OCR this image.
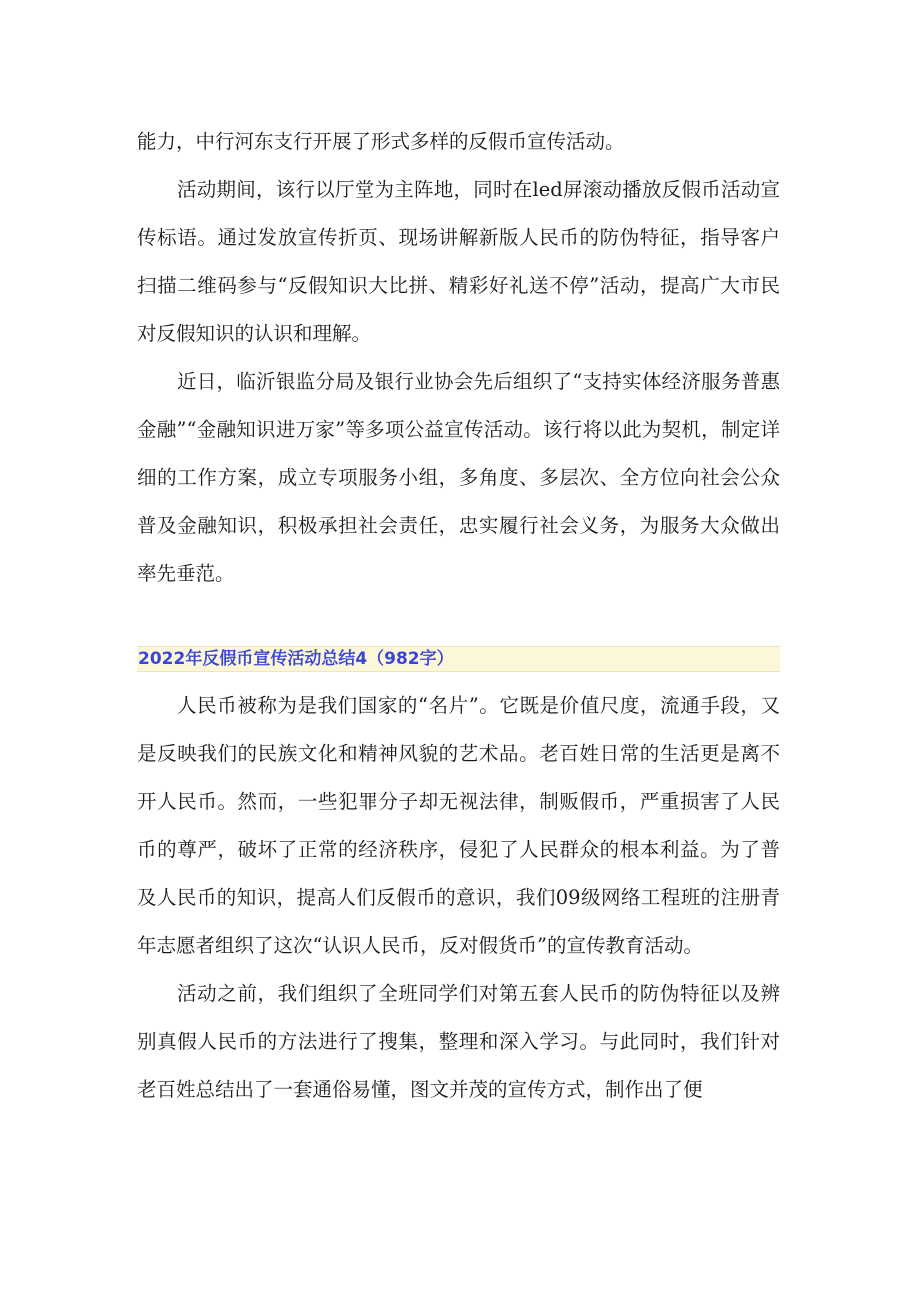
能力，中行河东支行开展了形式多样的反假币宣传活动。

活动期间，该行以厅堂为主阵地，同时在led屏滚动播放反假币活动宣传标语。通过发放宣传折页、现场讲解新版人民币的防伪特征，指导客户扫描二维码参与“反假知识大比拼、精彩好礼送不停”活动，提高广大市民对反假知识的认识和理解。

近日，临沂银监分局及银行业协会先后组织了“支持实体经济服务普惠金融”“金融知识进万家”等多项公益宣传活动。该行将以此为契机，制定详细的工作方案，成立专项服务小组，多角度、多层次、全方位向社会公众普及金融知识，积极承担社会责任，忠实履行社会义务，为服务大众做出率先垂范。

2022年反假币宣传活动总结4（982字）

人民币被称为是我们国家的“名片”。它既是价值尺度，流通手段，又是反映我们的民族文化和精神风貌的艺术品。老百姓日常的生活更是离不开人民币。然而，一些犯罪分子却无视法律，制贩假币，严重损害了人民币的尊严，破坏了正常的经济秩序，侵犯了人民群众的根本利益。为了普及人民币的知识，提高人们反假币的意识，我们09级网络工程班的注册青年志愿者组织了这次“认识人民币，反对假货币”的宣传教育活动。

活动之前，我们组织了全班同学们对第五套人民币的防伪特征以及辨别真假人民币的方法进行了搜集，整理和深入学习。与此同时，我们针对老百姓总结出了一套通俗易懂，图文并茂的宣传方式，制作出了便
